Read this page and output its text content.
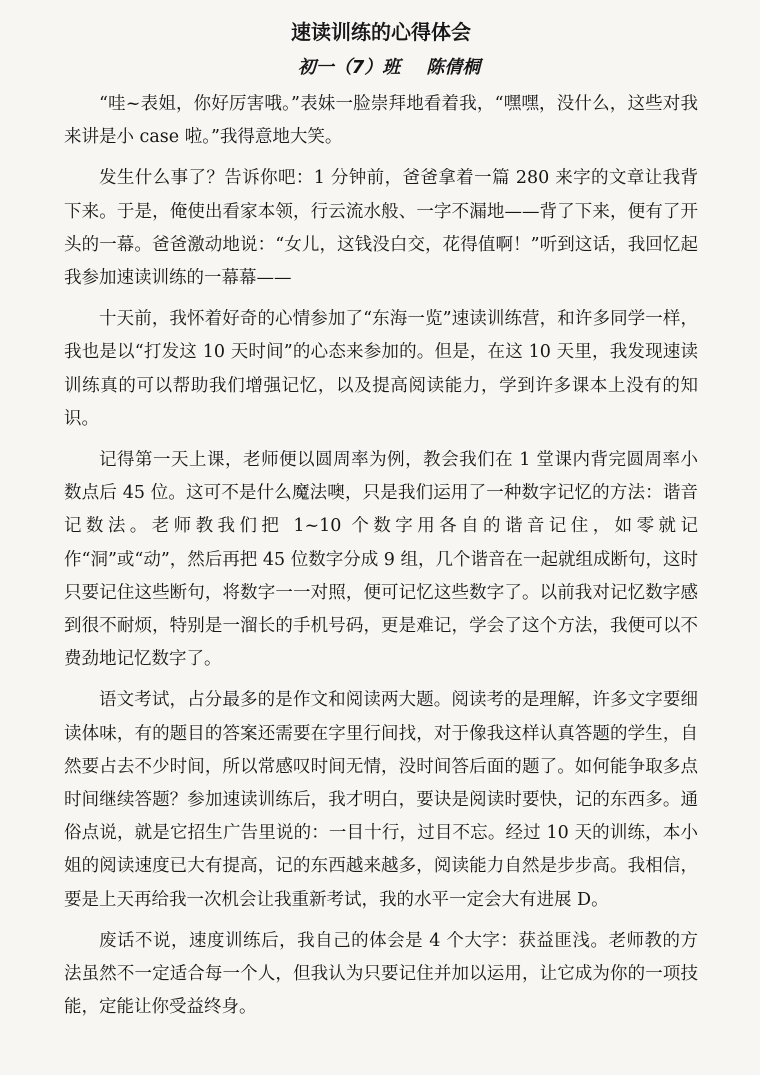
速读训练的心得体会
初一（7）班 陈倩桐

“哇~表姐，你好厉害哦。”表妹一脸崇拜地看着我，“嘿嘿，没什么，这些对我来讲是小 case 啦。”我得意地大笑。

发生什么事了？告诉你吧：1 分钟前，爸爸拿着一篇 280 来字的文章让我背下来。于是，俺使出看家本领，行云流水般、一字不漏地——背了下来，便有了开头的一幕。爸爸激动地说：“女儿，这钱没白交，花得值啊！”听到这话，我回忆起我参加速读训练的一幕幕——

十天前，我怀着好奇的心情参加了“东海一览”速读训练营，和许多同学一样，我也是以“打发这 10 天时间”的心态来参加的。但是，在这 10 天里，我发现速读训练真的可以帮助我们增强记忆，以及提高阅读能力，学到许多课本上没有的知识。

记得第一天上课，老师便以圆周率为例，教会我们在 1 堂课内背完圆周率小数点后 45 位。这可不是什么魔法噢，只是我们运用了一种数字记忆的方法：谐音记数法。老师教我们把 1~10 个数字用各自的谐音记住，如零就记作“洞”或“动”，然后再把 45 位数字分成 9 组，几个谐音在一起就组成断句，这时只要记住这些断句，将数字一一对照，便可记忆这些数字了。以前我对记忆数字感到很不耐烦，特别是一溜长的手机号码，更是难记，学会了这个方法，我便可以不费劲地记忆数字了。

语文考试，占分最多的是作文和阅读两大题。阅读考的是理解，许多文字要细读体味，有的题目的答案还需要在字里行间找，对于像我这样认真答题的学生，自然要占去不少时间，所以常感叹时间无情，没时间答后面的题了。如何能争取多点时间继续答题？参加速读训练后，我才明白，要诀是阅读时要快，记的东西多。通俗点说，就是它招生广告里说的：一目十行，过目不忘。经过 10 天的训练，本小姐的阅读速度已大有提高，记的东西越来越多，阅读能力自然是步步高。我相信，要是上天再给我一次机会让我重新考试，我的水平一定会大有进展 D。

废话不说，速度训练后，我自己的体会是 4 个大字：获益匪浅。老师教的方法虽然不一定适合每一个人，但我认为只要记住并加以运用，让它成为你的一项技能，定能让你受益终身。
